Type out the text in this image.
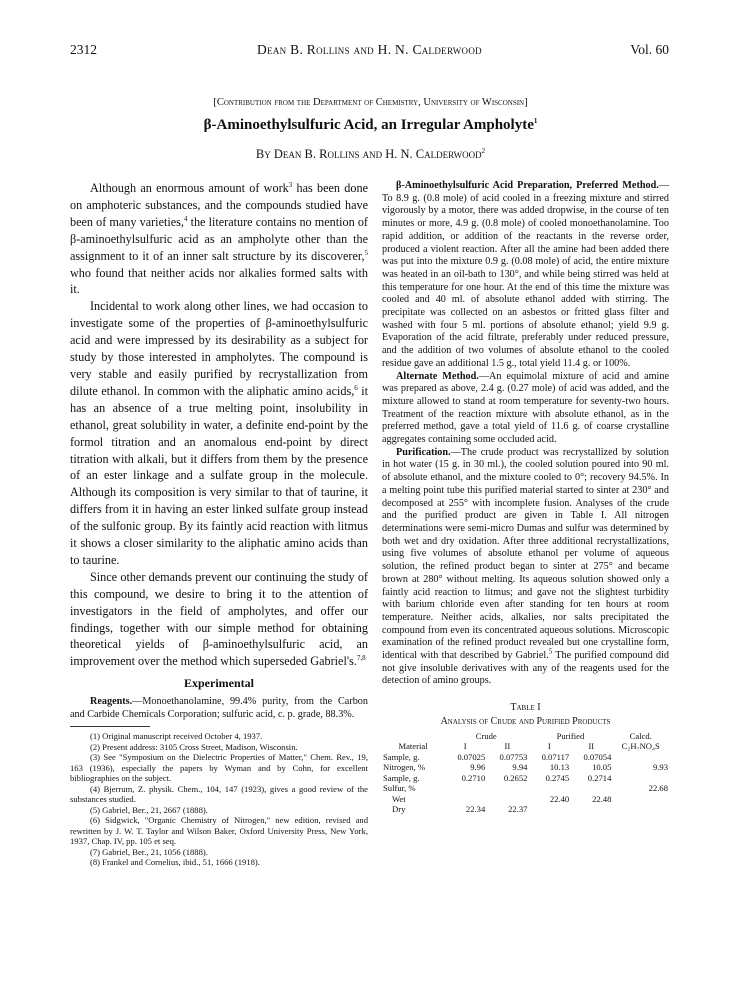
2312	Dean B. Rollins and H. N. Calderwood	Vol. 60
[Contribution from the Department of Chemistry, University of Wisconsin]
β-Aminoethylsulfuric Acid, an Irregular Ampholyte$^1$
By Dean B. Rollins and H. N. Calderwood$^2$

Although an enormous amount of work$^3$ has been done on amphoteric substances, and the compounds studied have been of many varieties,$^4$ the literature contains no mention of β-aminoethylsulfuric acid as an ampholyte other than the assignment to it of an inner salt structure by its discoverer,$^5$ who found that neither acids nor alkalies formed salts with it.

Incidental to work along other lines, we had occasion to investigate some of the properties of β-aminoethylsulfuric acid and were impressed by its desirability as a subject for study by those interested in ampholytes. The compound is very stable and easily purified by recrystallization from dilute ethanol. In common with the aliphatic amino acids,$^6$ it has an absence of a true melting point, insolubility in ethanol, great solubility in water, a definite end-point by the formol titration and an anomalous end-point by direct titration with alkali, but it differs from them by the presence of an ester linkage and a sulfate group in the molecule. Although its composition is very similar to that of taurine, it differs from it in having an ester linked sulfate group instead of the sulfonic group. By its faintly acid reaction with litmus it shows a closer similarity to the aliphatic amino acids than to taurine.

Since other demands prevent our continuing the study of this compound, we desire to bring it to the attention of investigators in the field of ampholytes, and offer our findings, together with our simple method for obtaining theoretical yields of β-aminoethylsulfuric acid, an improvement over the method which superseded Gabriel's.$^{7,8}$

Experimental

Reagents.—Monoethanolamine, 99.4% purity, from the Carbon and Carbide Chemicals Corporation; sulfuric acid, c. p. grade, 88.3%.

(1) Original manuscript received October 4, 1937.

(2) Present address: 3105 Cross Street, Madison, Wisconsin.

(3) See "Symposium on the Dielectric Properties of Matter," Chem. Rev., 19, 163 (1936), especially the papers by Wyman and by Cohn, for excellent bibliographies on the subject.

(4) Bjerrum, Z. physik. Chem., 104, 147 (1923), gives a good review of the substances studied.

(5) Gabriel, Ber., 21, 2667 (1888).

(6) Sidgwick, "Organic Chemistry of Nitrogen," new edition, revised and rewritten by J. W. T. Taylor and Wilson Baker, Oxford University Press, New York, 1937, Chap. IV, pp. 105 et seq.

(7) Gabriel, Ber., 21, 1056 (1888).

(8) Frankel and Cornelius, ibid., 51, 1666 (1918).

β-Aminoethylsulfuric Acid Preparation, Preferred Method.—To 8.9 g. (0.8 mole) of acid cooled in a freezing mixture and stirred vigorously by a motor, there was added dropwise, in the course of ten minutes or more, 4.9 g. (0.8 mole) of cooled monoethanolamine. Too rapid addition, or addition of the reactants in the reverse order, produced a violent reaction. After all the amine had been added there was put into the mixture 0.9 g. (0.08 mole) of acid, the entire mixture was heated in an oil-bath to 130°, and while being stirred was held at this temperature for one hour. At the end of this time the mixture was cooled and 40 ml. of absolute ethanol added with stirring. The precipitate was collected on an asbestos or fritted glass filter and washed with four 5 ml. portions of absolute ethanol; yield 9.9 g. Evaporation of the acid filtrate, preferably under reduced pressure, and the addition of two volumes of absolute ethanol to the cooled residue gave an additional 1.5 g., total yield 11.4 g. or 100%.

Alternate Method.—An equimolal mixture of acid and amine was prepared as above, 2.4 g. (0.27 mole) of acid was added, and the mixture allowed to stand at room temperature for seventy-two hours. Treatment of the reaction mixture with absolute ethanol, as in the preferred method, gave a total yield of 11.6 g. of coarse crystalline aggregates containing some occluded acid.

Purification.—The crude product was recrystallized by solution in hot water (15 g. in 30 ml.), the cooled solution poured into 90 ml. of absolute ethanol, and the mixture cooled to 0°; recovery 94.5%. In a melting point tube this purified material started to sinter at 230° and decomposed at 255° with incomplete fusion. Analyses of the crude and the purified product are given in Table I. All nitrogen determinations were semi-micro Dumas and sulfur was determined by both wet and dry oxidation. After three additional recrystallizations, using five volumes of absolute ethanol per volume of aqueous solution, the refined product began to sinter at 275° and became brown at 280° without melting. Its aqueous solution showed only a faintly acid reaction to litmus; and gave not the slightest turbidity with barium chloride even after standing for ten hours at room temperature. Neither acids, alkalies, nor salts precipitated the compound from even its concentrated aqueous solutions. Microscopic examination of the refined product revealed but one crystalline form, identical with that described by Gabriel.$^5$ The purified compound did not give insoluble derivatives with any of the reagents used for the detection of amino groups.

Table I
Analysis of Crude and Purified Products
	Crude		Purified		Calcd.
Material	I	II	I	II	C₂H₇NO₄S
Sample, g.	0.07025	0.07753	0.07117	0.07054	
Nitrogen, %	9.96	9.94	10.13	10.05	9.93
Sample, g.	0.2710	0.2652	0.2745	0.2714	
Sulfur, %					22.68
Wet			22.40	22.48	
Dry	22.34	22.37			
